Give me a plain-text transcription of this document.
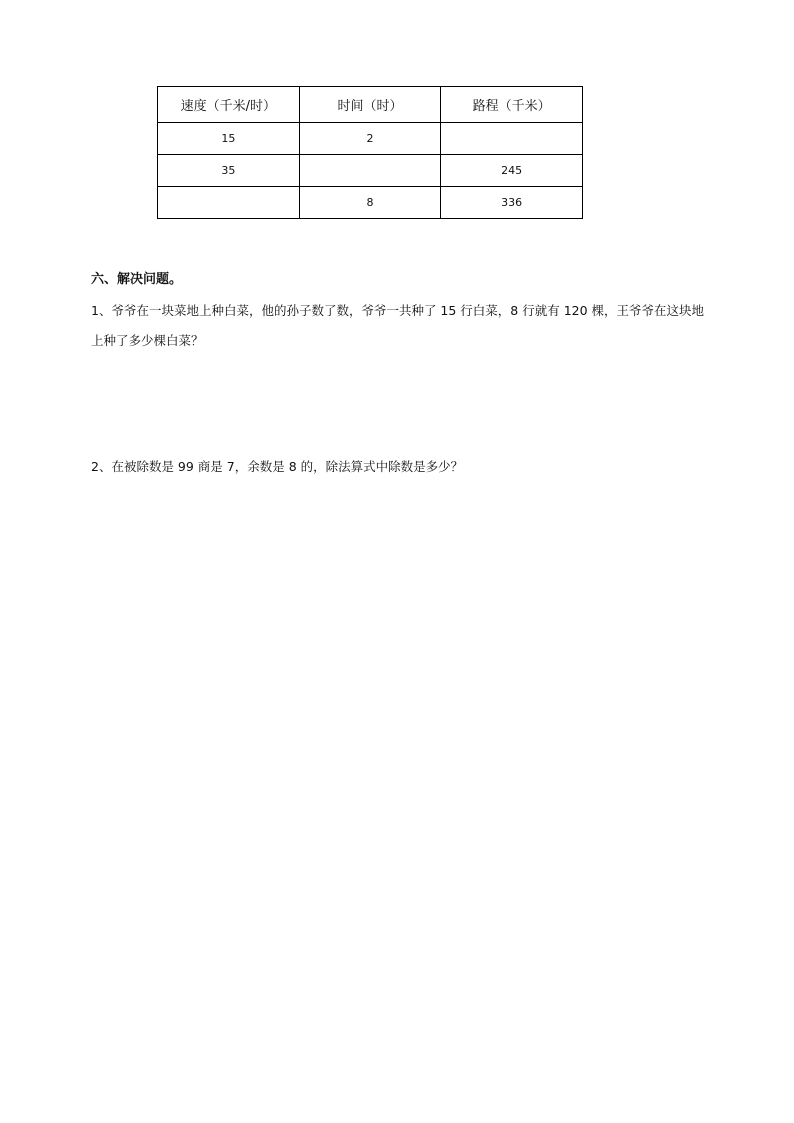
速度（千米/时）	时间（时）	路程（千米）
15	2	
35		245
	8	336
六、解决问题。
1、爷爷在一块菜地上种白菜，他的孙子数了数，爷爷一共种了 15 行白菜，8 行就有 120 棵，王爷爷在这块地上种了多少棵白菜？
2、在被除数是 99 商是 7，余数是 8 的，除法算式中除数是多少？
